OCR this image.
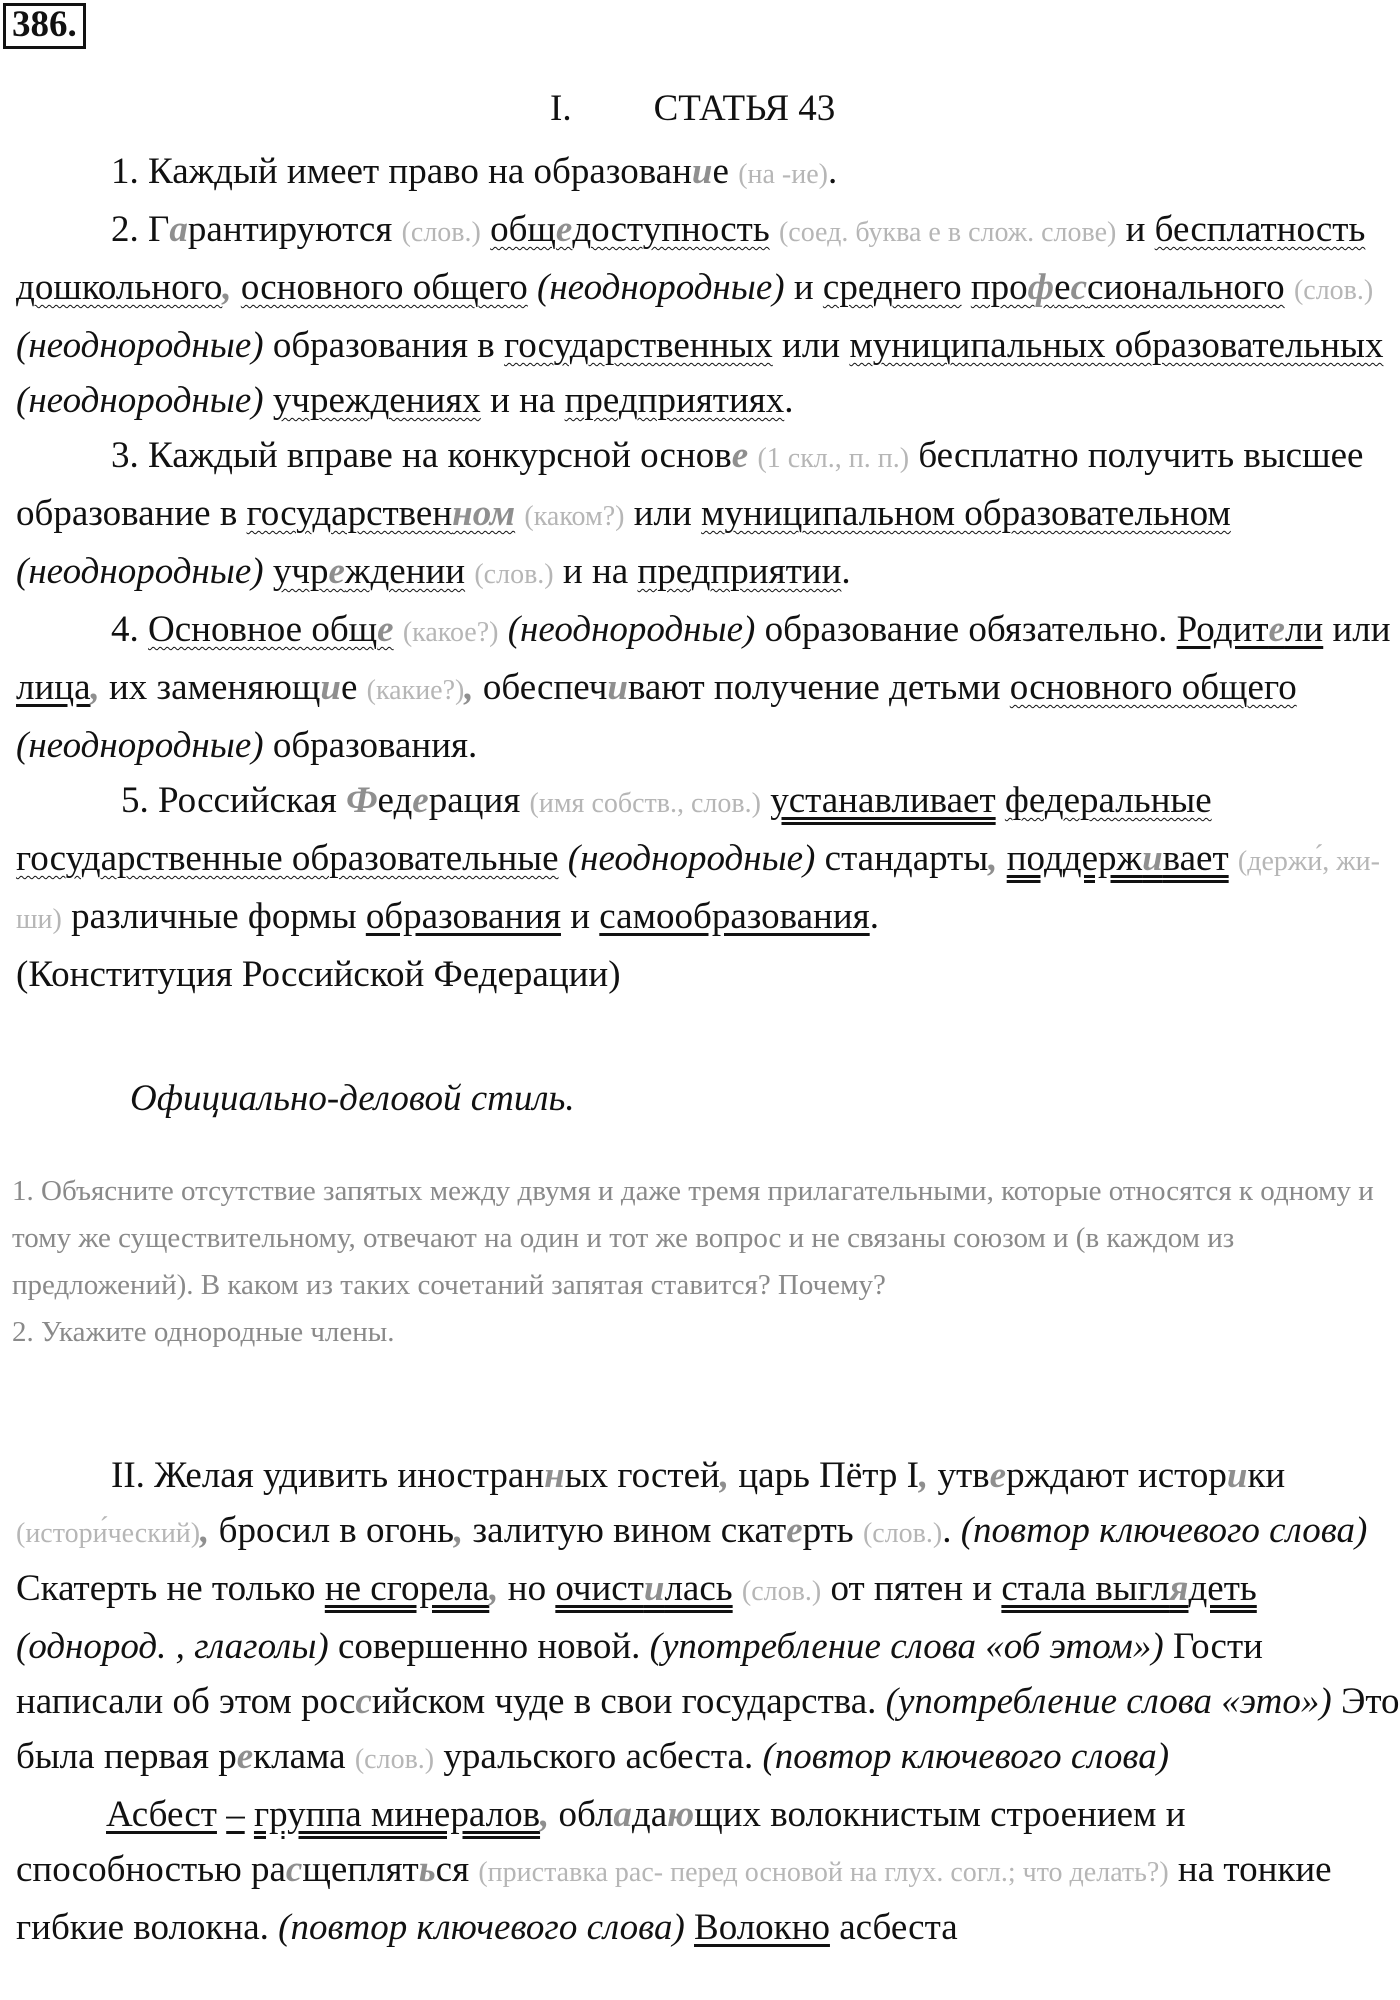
386.
I. СТАТЬЯ 43

1. Каждый имеет право на образование (на -ие).

2. Гарантируются (слов.) общедоступность (соед. буква е в слож. слове) и бесплатность дошкольного, основного общего (неоднородные) и среднего профессионального (слов.) (неоднородные) образования в государственных или муниципальных образовательных (неоднородные) учреждениях и на предприятиях.

3. Каждый вправе на конкурсной основе (1 скл., п. п.) бесплатно получить высшее образование в государственном (каком?) или муниципальном образовательном (неоднородные) учреждении (слов.) и на предприятии.

4. Основное обще (какое?) (неоднородные) образование обязательно. Родители или лица, их заменяющие (какие?), обеспечивают получение детьми основного общего (неоднородные) образования.

5. Российская Федерация (имя собств., слов.) устанавливает федеральные государственные образовательные (неоднородные) стандарты, поддерживает (держи́, жи-ши) различные формы образования и самообразования.

(Конституция Российской Федерации)

Официально-деловой стиль.

1. Объясните отсутствие запятых между двумя и даже тремя прилагательными, которые относятся к одному и тому же существительному, отвечают на один и тот же вопрос и не связаны союзом и (в каждом из предложений). В каком из таких сочетаний запятая ставится? Почему?

2. Укажите однородные члены.

II. Желая удивить иностранных гостей, царь Пётр I, утверждают историки (истори́ческий), бросил в огонь, залитую вином скатерть (слов.). (повтор ключевого слова) Скатерть не только не сгорела, но очистилась (слов.) от пятен и стала выглядеть (однород. , глаголы) совершенно новой. (употребление слова «об этом») Гости написали об этом российском чуде в свои государства. (употребление слова «это») Это была первая реклама (слов.) уральского асбеста. (повтор ключевого слова)

Асбест – группа минералов, обладающих волокнистым строением и способностью расщепляться (приставка рас- перед основой на глух. согл.; что делать?) на тонкие гибкие волокна. (повтор ключевого слова) Волокно асбеста
